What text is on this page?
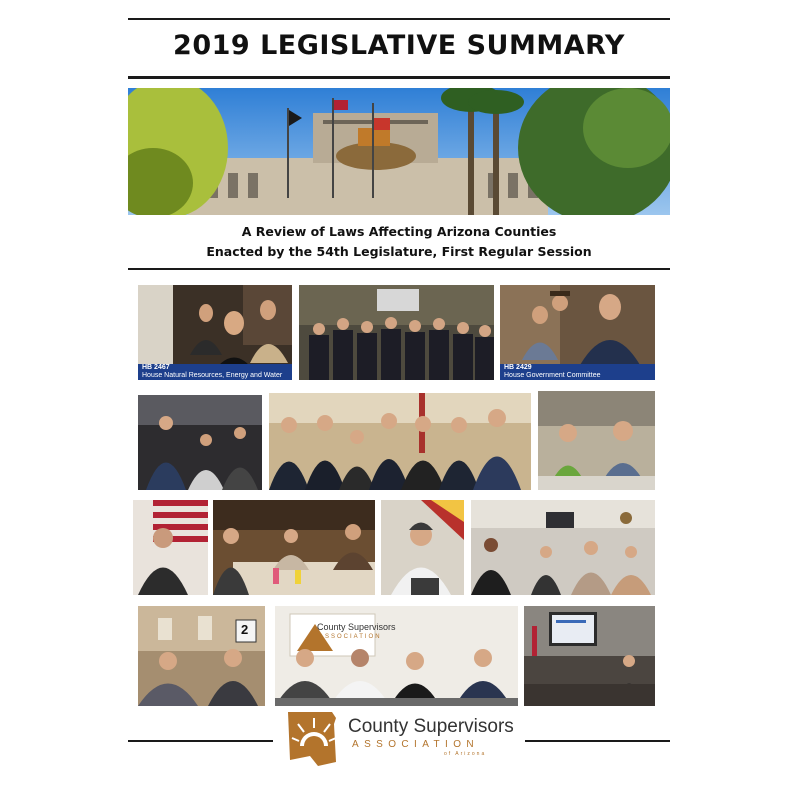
2019 LEGISLATIVE SUMMARY
A Review of Laws Affecting Arizona Counties
Enacted by the 54th Legislature, First Regular Session
HB 2467
House Natural Resources, Energy and Water
HB 2429
House Government Committee
2	County Supervisors
ASSOCIATION
County Supervisors
ASSOCIATION
of Arizona
